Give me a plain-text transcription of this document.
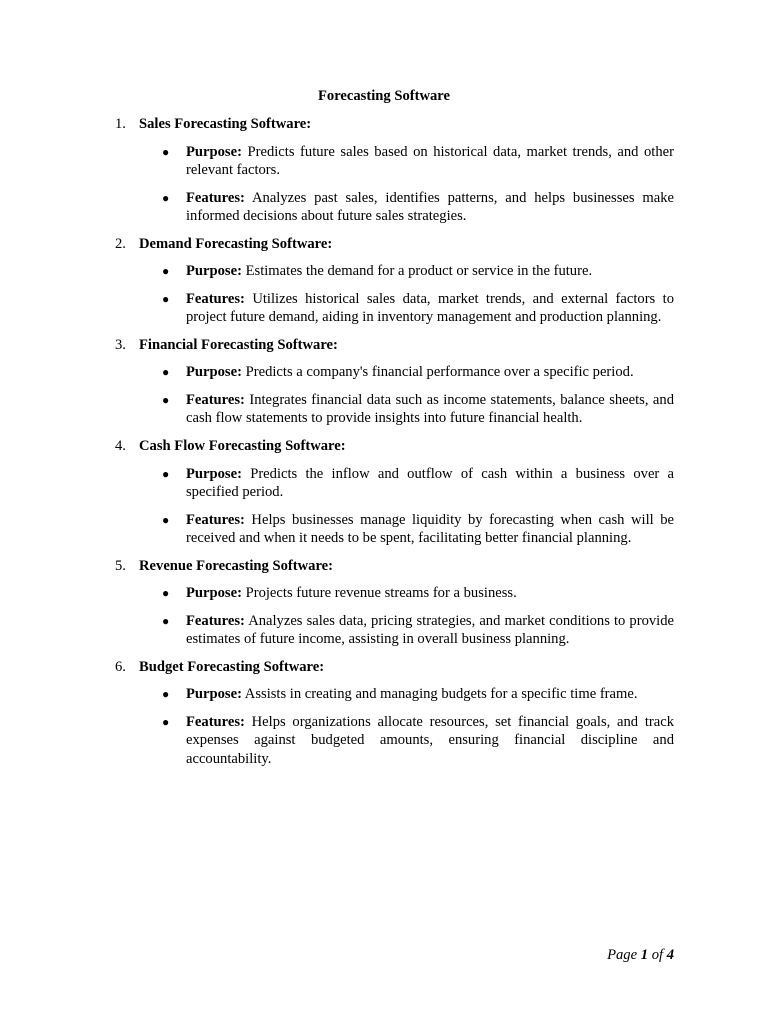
Forecasting Software
1. Sales Forecasting Software:
● Purpose: Predicts future sales based on historical data, market trends, and other relevant factors.
● Features: Analyzes past sales, identifies patterns, and helps businesses make informed decisions about future sales strategies.
2. Demand Forecasting Software:
● Purpose: Estimates the demand for a product or service in the future.
● Features: Utilizes historical sales data, market trends, and external factors to project future demand, aiding in inventory management and production planning.
3. Financial Forecasting Software:
● Purpose: Predicts a company's financial performance over a specific period.
● Features: Integrates financial data such as income statements, balance sheets, and cash flow statements to provide insights into future financial health.
4. Cash Flow Forecasting Software:
● Purpose: Predicts the inflow and outflow of cash within a business over a specified period.
● Features: Helps businesses manage liquidity by forecasting when cash will be received and when it needs to be spent, facilitating better financial planning.
5. Revenue Forecasting Software:
● Purpose: Projects future revenue streams for a business.
● Features: Analyzes sales data, pricing strategies, and market conditions to provide estimates of future income, assisting in overall business planning.
6. Budget Forecasting Software:
● Purpose: Assists in creating and managing budgets for a specific time frame.
● Features: Helps organizations allocate resources, set financial goals, and track expenses against budgeted amounts, ensuring financial discipline and accountability.
Page 1 of 4
